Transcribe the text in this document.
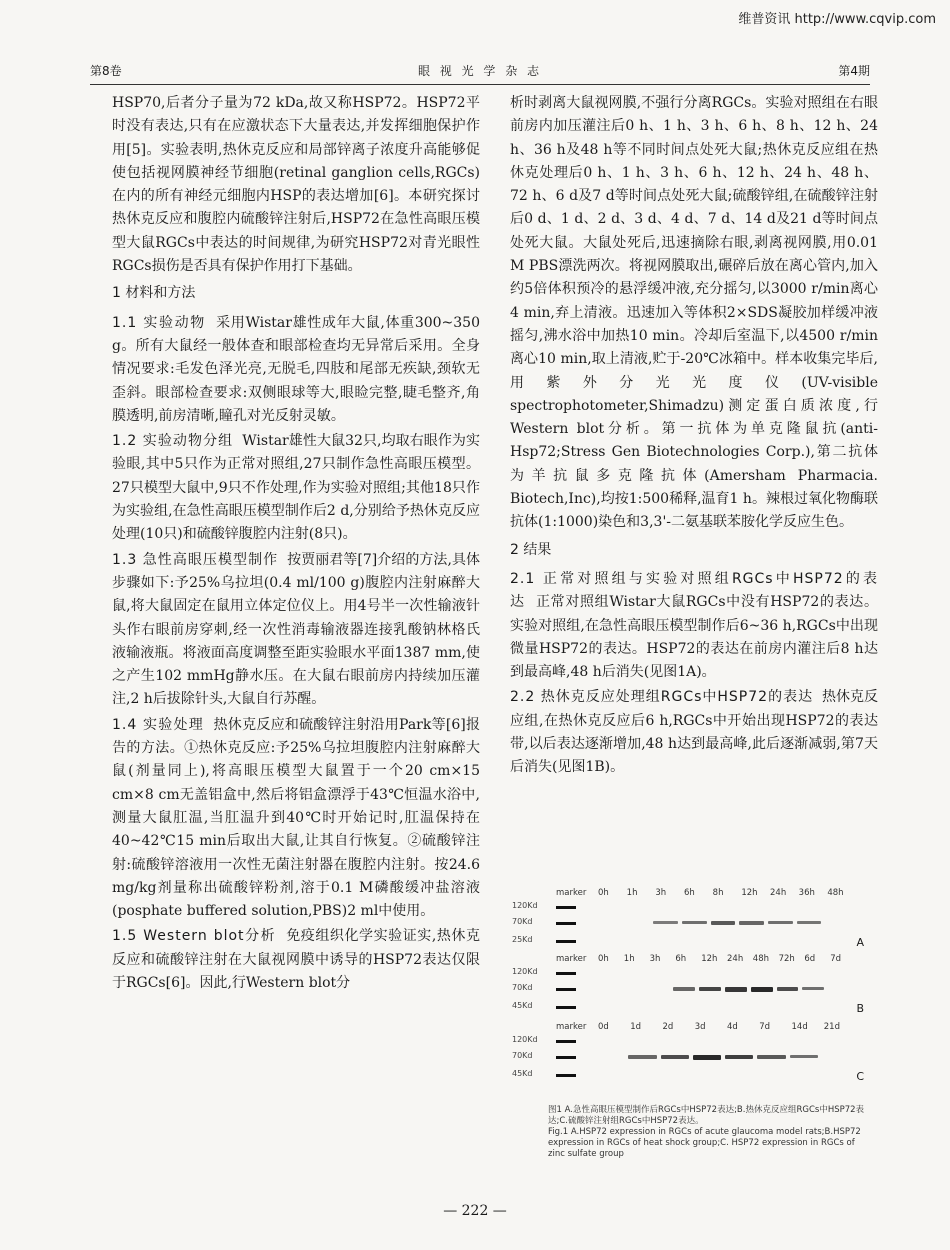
维普资讯 http://www.cqvip.com
第8卷	眼 视 光 学 杂 志	第4期

HSP70,后者分子量为72 kDa,故又称HSP72。HSP72平时没有表达,只有在应激状态下大量表达,并发挥细胞保护作用[5]。实验表明,热休克反应和局部锌离子浓度升高能够促使包括视网膜神经节细胞(retinal ganglion cells,RGCs)在内的所有神经元细胞内HSP的表达增加[6]。本研究探讨热休克反应和腹腔内硫酸锌注射后,HSP72在急性高眼压模型大鼠RGCs中表达的时间规律,为研究HSP72对青光眼性RGCs损伤是否具有保护作用打下基础。

1 材料和方法

1.1 实验动物 采用Wistar雄性成年大鼠,体重300~350 g。所有大鼠经一般体查和眼部检查均无异常后采用。全身情况要求:毛发色泽光亮,无脱毛,四肢和尾部无疾缺,颈软无歪斜。眼部检查要求:双侧眼球等大,眼睑完整,睫毛整齐,角膜透明,前房清晰,瞳孔对光反射灵敏。

1.2 实验动物分组 Wistar雄性大鼠32只,均取右眼作为实验眼,其中5只作为正常对照组,27只制作急性高眼压模型。27只模型大鼠中,9只不作处理,作为实验对照组;其他18只作为实验组,在急性高眼压模型制作后2 d,分别给予热休克反应处理(10只)和硫酸锌腹腔内注射(8只)。

1.3 急性高眼压模型制作 按贾丽君等[7]介绍的方法,具体步骤如下:予25%乌拉坦(0.4 ml/100 g)腹腔内注射麻醉大鼠,将大鼠固定在鼠用立体定位仪上。用4号半一次性输液针头作右眼前房穿刺,经一次性消毒输液器连接乳酸钠林格氏液输液瓶。将液面高度调整至距实验眼水平面1387 mm,使之产生102 mmHg静水压。在大鼠右眼前房内持续加压灌注,2 h后拔除针头,大鼠自行苏醒。

1.4 实验处理 热休克反应和硫酸锌注射沿用Park等[6]报告的方法。①热休克反应:予25%乌拉坦腹腔内注射麻醉大鼠(剂量同上),将高眼压模型大鼠置于一个20 cm×15 cm×8 cm无盖铝盒中,然后将铝盒漂浮于43℃恒温水浴中,测量大鼠肛温,当肛温升到40℃时开始记时,肛温保持在40~42℃15 min后取出大鼠,让其自行恢复。②硫酸锌注射:硫酸锌溶液用一次性无菌注射器在腹腔内注射。按24.6 mg/kg剂量称出硫酸锌粉剂,溶于0.1 M磷酸缓冲盐溶液(posphate buffered solution,PBS)2 ml中使用。

1.5 Western blot分析 免疫组织化学实验证实,热休克反应和硫酸锌注射在大鼠视网膜中诱导的HSP72表达仅限于RGCs[6]。因此,行Western blot分

析时剥离大鼠视网膜,不强行分离RGCs。实验对照组在右眼前房内加压灌注后0 h、1 h、3 h、6 h、8 h、12 h、24 h、36 h及48 h等不同时间点处死大鼠;热休克反应组在热休克处理后0 h、1 h、3 h、6 h、12 h、24 h、48 h、72 h、6 d及7 d等时间点处死大鼠;硫酸锌组,在硫酸锌注射后0 d、1 d、2 d、3 d、4 d、7 d、14 d及21 d等时间点处死大鼠。大鼠处死后,迅速摘除右眼,剥离视网膜,用0.01 M PBS漂洗两次。将视网膜取出,碾碎后放在离心管内,加入约5倍体积预冷的悬浮缓冲液,充分摇匀,以3000 r/min离心4 min,弃上清液。迅速加入等体积2×SDS凝胶加样缓冲液摇匀,沸水浴中加热10 min。冷却后室温下,以4500 r/min离心10 min,取上清液,贮于-20℃冰箱中。样本收集完毕后,用紫外分光光度仪(UV-visible spectrophotometer,Shimadzu)测定蛋白质浓度,行Western blot分析。第一抗体为单克隆鼠抗(anti-Hsp72;Stress Gen Biotechnologies Corp.),第二抗体为羊抗鼠多克隆抗体(Amersham Pharmacia. Biotech,Inc),均按1:500稀释,温育1 h。辣根过氧化物酶联抗体(1:1000)染色和3,3'-二氨基联苯胺化学反应生色。

2 结果

2.1 正常对照组与实验对照组RGCs中HSP72的表达 正常对照组Wistar大鼠RGCs中没有HSP72的表达。实验对照组,在急性高眼压模型制作后6~36 h,RGCs中出现微量HSP72的表达。HSP72的表达在前房内灌注后8 h达到最高峰,48 h后消失(见图1A)。

2.2 热休克反应处理组RGCs中HSP72的表达 热休克反应组,在热休克反应后6 h,RGCs中开始出现HSP72的表达带,以后表达逐渐增加,48 h达到最高峰,此后逐渐减弱,第7天后消失(见图1B)。

marker
120Kd
70Kd
25Kd
0h 1h 3h 6h 8h 12h 24h 36h 48h
A
marker
120Kd
70Kd
45Kd
0h 1h 3h 6h 12h 24h 48h 72h 6d 7d
B
marker
120Kd
70Kd
45Kd
0d	1d	2d	3d	4d	7d	14d 21d
C

图1 A.急性高眼压模型制作后RGCs中HSP72表达;B.热休克反应组RGCs中HSP72表达;C.硫酸锌注射组RGCs中HSP72表达。

Fig.1 A.HSP72 expression in RGCs of acute glaucoma model rats;B.HSP72 expression in RGCs of heat shock group;C. HSP72 expression in RGCs of zinc sulfate group

— 222 —
